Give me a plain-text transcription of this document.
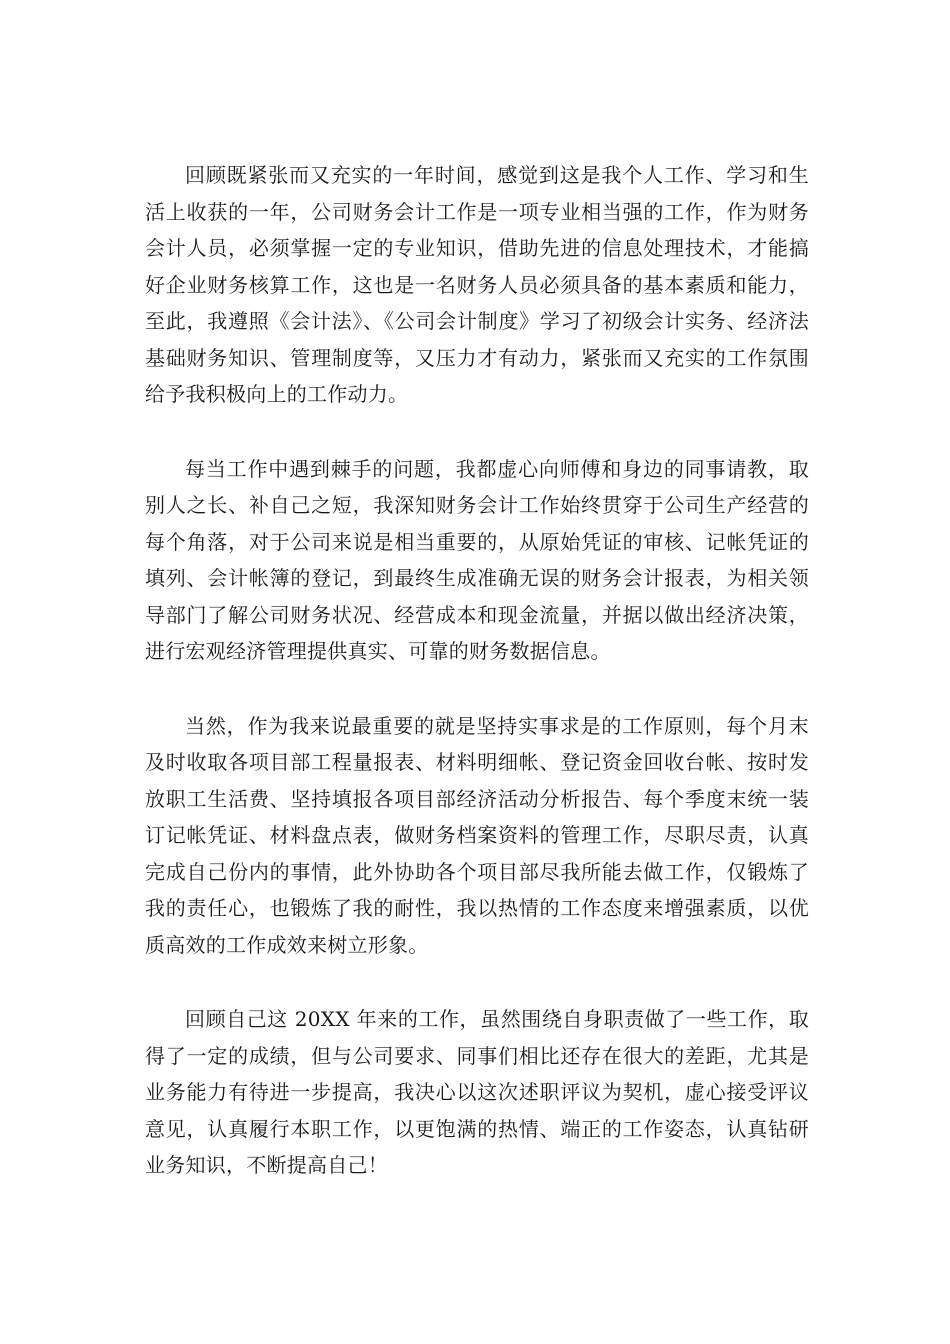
回顾既紧张而又充实的一年时间，感觉到这是我个人工作、学习和生活上收获的一年，公司财务会计工作是一项专业相当强的工作，作为财务会计人员，必须掌握一定的专业知识，借助先进的信息处理技术，才能搞好企业财务核算工作，这也是一名财务人员必须具备的基本素质和能力，至此，我遵照《会计法》、《公司会计制度》学习了初级会计实务、经济法基础财务知识、管理制度等，又压力才有动力，紧张而又充实的工作氛围给予我积极向上的工作动力。

每当工作中遇到棘手的问题，我都虚心向师傅和身边的同事请教，取别人之长、补自己之短，我深知财务会计工作始终贯穿于公司生产经营的每个角落，对于公司来说是相当重要的，从原始凭证的审核、记帐凭证的填列、会计帐簿的登记，到最终生成准确无误的财务会计报表，为相关领导部门了解公司财务状况、经营成本和现金流量，并据以做出经济决策，进行宏观经济管理提供真实、可靠的财务数据信息。

当然，作为我来说最重要的就是坚持实事求是的工作原则，每个月末及时收取各项目部工程量报表、材料明细帐、登记资金回收台帐、按时发放职工生活费、坚持填报各项目部经济活动分析报告、每个季度末统一装订记帐凭证、材料盘点表，做财务档案资料的管理工作，尽职尽责，认真完成自己份内的事情，此外协助各个项目部尽我所能去做工作，仅锻炼了我的责任心，也锻炼了我的耐性，我以热情的工作态度来增强素质，以优质高效的工作成效来树立形象。

回顾自己这 20XX 年来的工作，虽然围绕自身职责做了一些工作，取得了一定的成绩，但与公司要求、同事们相比还存在很大的差距，尤其是业务能力有待进一步提高，我决心以这次述职评议为契机，虚心接受评议意见，认真履行本职工作，以更饱满的热情、端正的工作姿态，认真钻研业务知识，不断提高自己！
